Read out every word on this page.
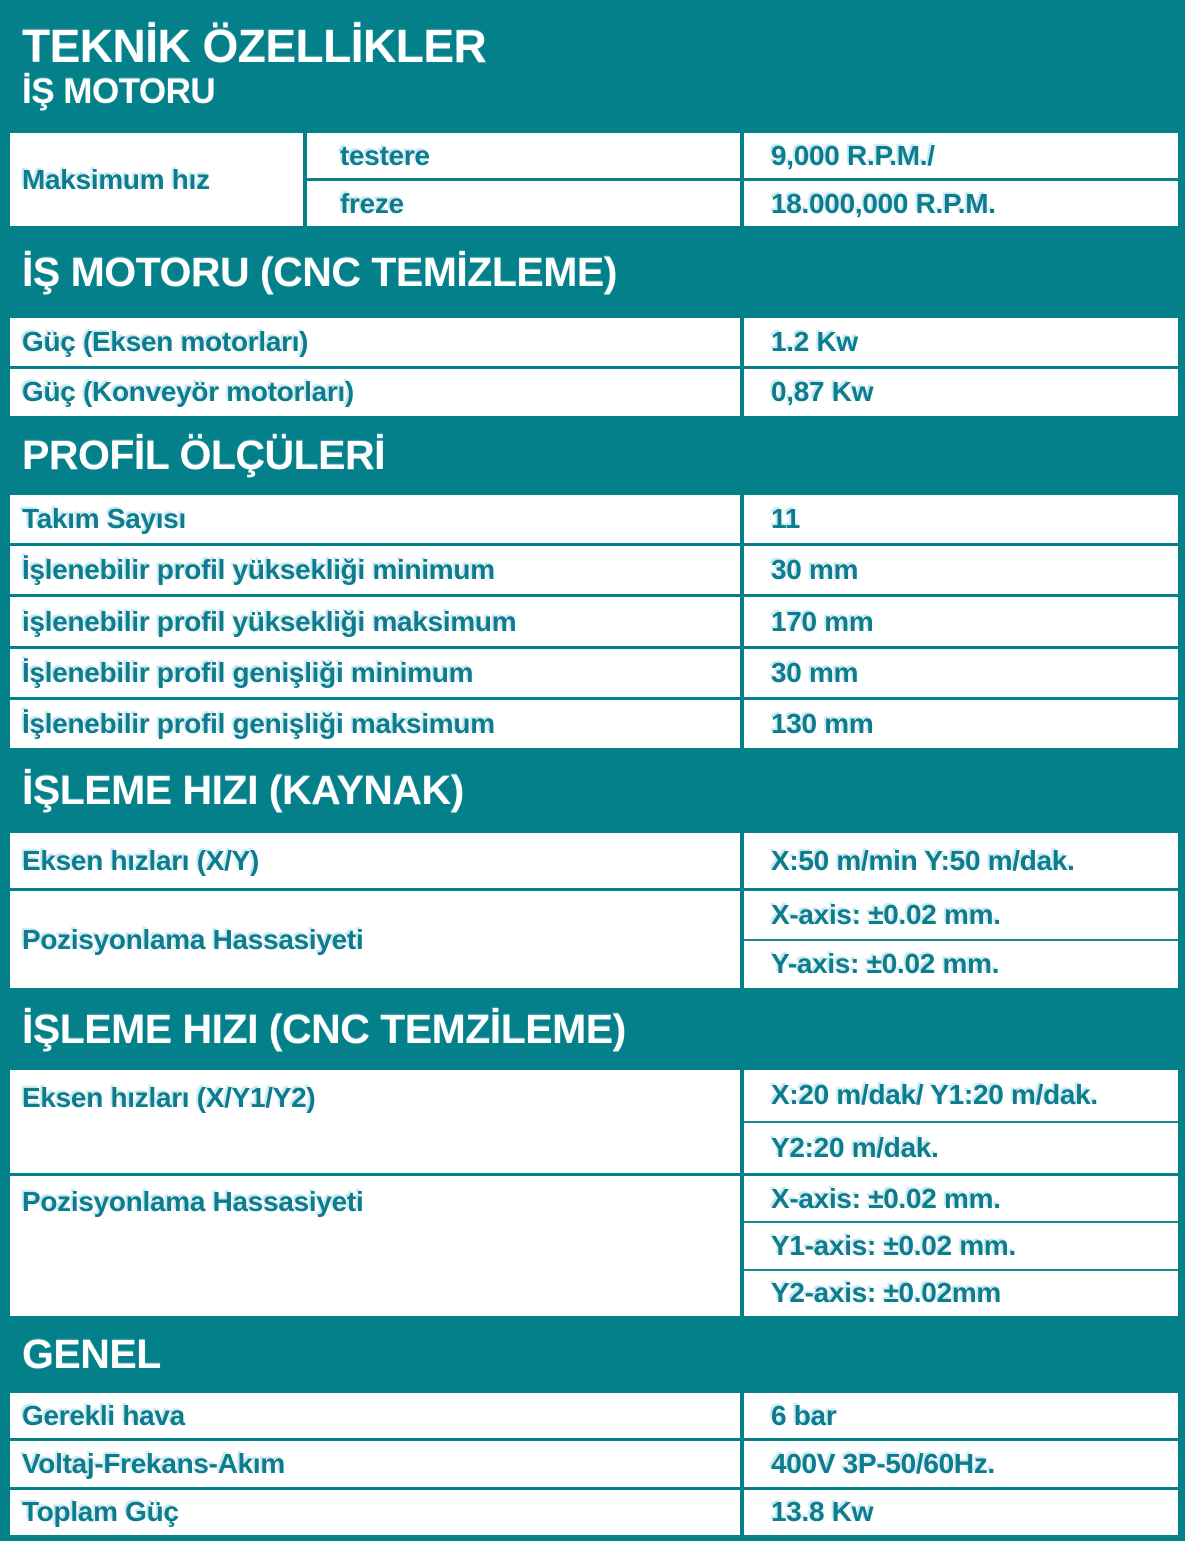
TEKNİK ÖZELLİKLER
İŞ MOTORU
Maksimum hız
testere	9,000 R.P.M./
freze	18.000,000 R.P.M.
İŞ MOTORU (CNC TEMİZLEME)
Güç (Eksen motorları)	1.2 Kw
Güç (Konveyör motorları)	0,87 Kw
PROFİL ÖLÇÜLERİ
Takım Sayısı	11
İşlenebilir profil yüksekliği minimum	30 mm
işlenebilir profil yüksekliği maksimum	170 mm
İşlenebilir profil genişliği minimum	30 mm
İşlenebilir profil genişliği maksimum	130 mm
İŞLEME HIZI (KAYNAK)
Eksen hızları (X/Y)	X:50 m/min Y:50 m/dak.
Pozisyonlama Hassasiyeti
X-axis: ±0.02 mm.
Y-axis: ±0.02 mm.
İŞLEME HIZI (CNC TEMZİLEME)
Eksen hızları (X/Y1/Y2)	X:20 m/dak/ Y1:20 m/dak.
Y2:20 m/dak.
Pozisyonlama Hassasiyeti	X-axis: ±0.02 mm.
Y1-axis: ±0.02 mm.
Y2-axis: ±0.02mm
GENEL
Gerekli hava	6 bar
Voltaj-Frekans-Akım	400V 3P-50/60Hz.
Toplam Güç	13.8 Kw
